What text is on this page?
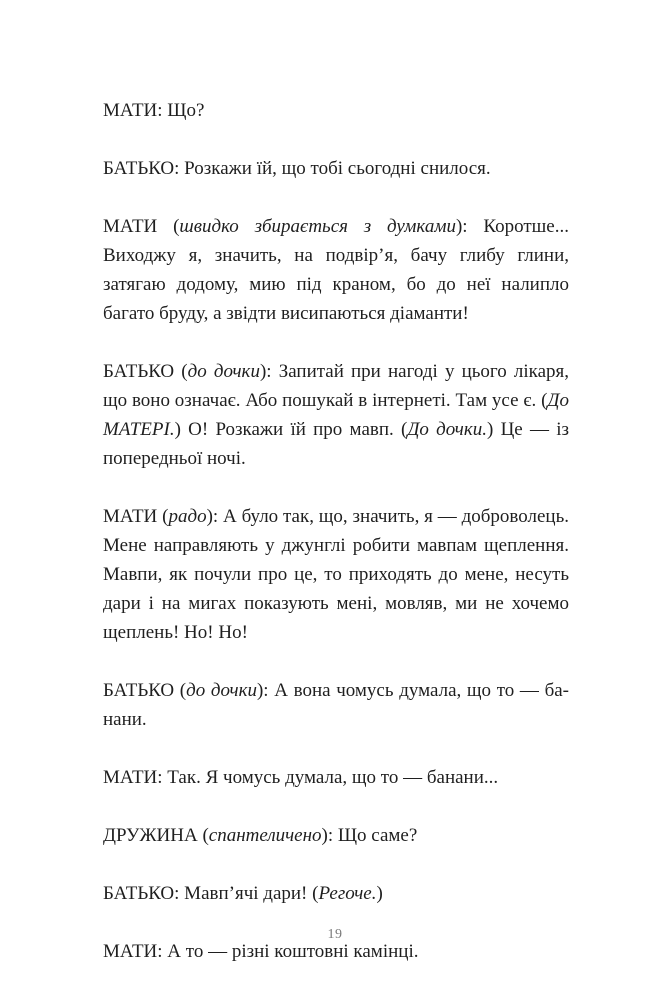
МАТИ: Що?

БАТЬКО: Розкажи їй, що тобі сьогодні снилося.

МАТИ (швидко збирається з думками): Коротше... Виходжу я, значить, на подвір’я, бачу глибу глини, затягаю додому, мию під краном, бо до неї налипло багато бруду, а звідти висипаються діаманти!

БАТЬКО (до дочки): Запитай при нагоді у цього лікаря, що воно означає. Або пошукай в інтернеті. Там усе є. (До МАТЕРІ.) О! Розкажи їй про мавп. (До дочки.) Це — із попередньої ночі.

МАТИ (радо): А було так, що, значить, я — доброволець. Мене направляють у джунглі робити мавпам щеплення. Мавпи, як почули про це, то приходять до мене, несуть дари і на мигах показують мені, мовляв, ми не хочемо щеплень! Но! Но!

БАТЬКО (до дочки): А вона чомусь думала, що то — банани.

МАТИ: Так. Я чомусь думала, що то — банани...

ДРУЖИНА (спантеличено): Що саме?

БАТЬКО: Мавп’ячі дари! (Регоче.)

МАТИ: А то — різні коштовні камінці.

19
